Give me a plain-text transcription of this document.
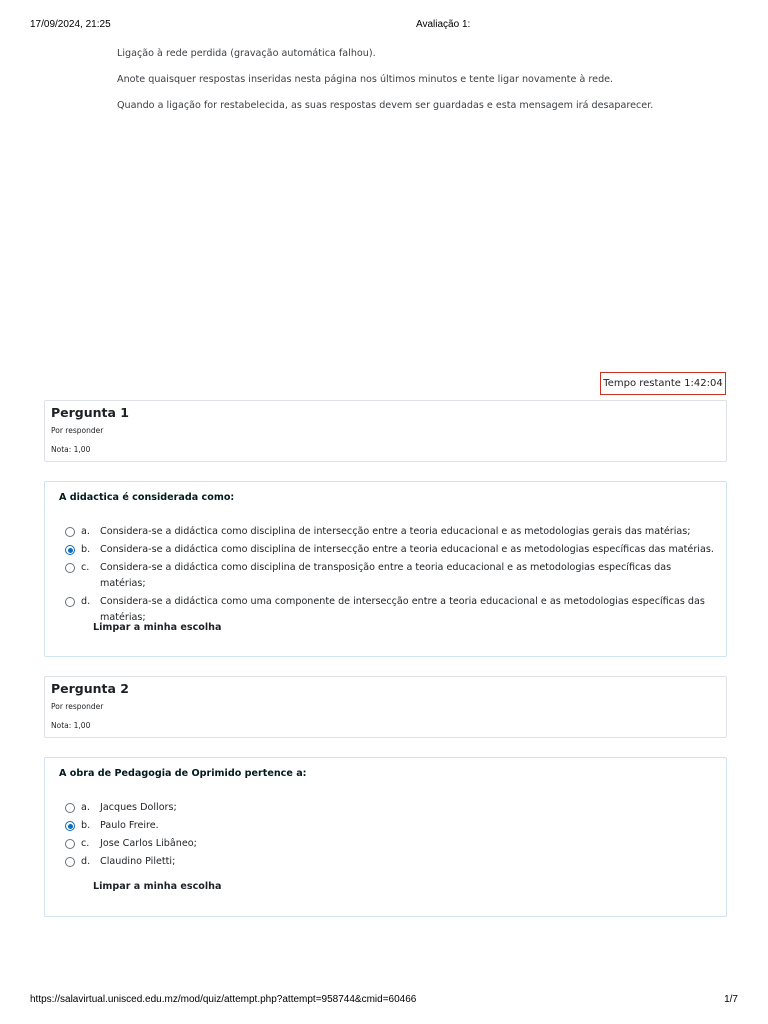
17/09/2024, 21:25	Avaliação 1:

Ligação à rede perdida (gravação automática falhou).

Anote quaisquer respostas inseridas nesta página nos últimos minutos e tente ligar novamente à rede.

Quando a ligação for restabelecida, as suas respostas devem ser guardadas e esta mensagem irá desaparecer.

Tempo restante 1:42:04
Pergunta 1
Por responder
Nota: 1,00
A didactica é considerada como:
a.	Considera-se a didáctica como disciplina de intersecção entre a teoria educacional e as metodologias gerais das matérias;
b.	Considera-se a didáctica como disciplina de intersecção entre a teoria educacional e as metodologias específicas das matérias.
c.	Considera-se a didáctica como disciplina de transposição entre a teoria educacional e as metodologias específicas das matérias;
d.	Considera-se a didáctica como uma componente de intersecção entre a teoria educacional e as metodologias específicas das matérias;
Limpar a minha escolha
Pergunta 2
Por responder
Nota: 1,00
A obra de Pedagogia de Oprimido pertence a:
a.	Jacques Dollors;
b.	Paulo Freire.
c.	Jose Carlos Libâneo;
d.	Claudino Piletti;
Limpar a minha escolha
https://salavirtual.unisced.edu.mz/mod/quiz/attempt.php?attempt=958744&cmid=60466	1/7
